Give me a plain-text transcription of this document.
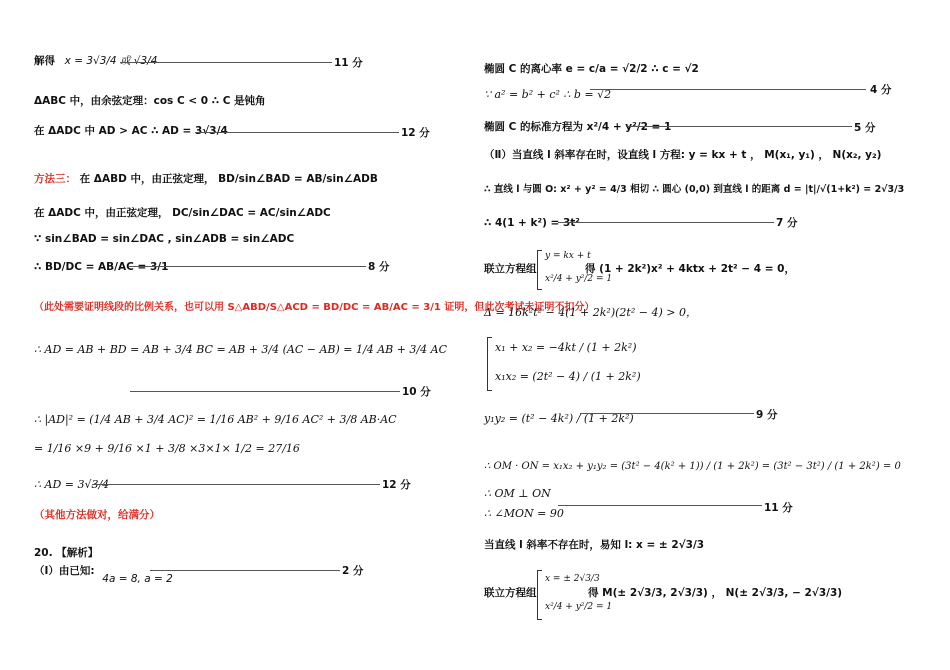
解得 x = 3√3/4 或 √3/4	11 分
ΔABC 中，由余弦定理：cos C < 0 ∴ C 是钝角
在 ΔADC 中 AD > AC ∴ AD = 3√3/4	12 分
方法三： 在 ΔABD 中，由正弦定理， BD/sin∠BAD = AB/sin∠ADB
在 ΔADC 中，由正弦定理， DC/sin∠DAC = AC/sin∠ADC
∵ sin∠BAD = sin∠DAC , sin∠ADB = sin∠ADC
∴ BD/DC = AB/AC = 3/1	8 分
（此处需要证明线段的比例关系，也可以用 S△ABD/S△ACD = BD/DC = AB/AC = 3/1 证明，但此次考试未证明不扣分）
∴ AD = AB + BD = AB + 3/4 BC = AB + 3/4 (AC − AB) = 1/4 AB + 3/4 AC
10 分
∴ |AD|² = (1/4 AB + 3/4 AC)² = 1/16 AB² + 9/16 AC² + 3/8 AB·AC
= 1/16 ×9 + 9/16 ×1 + 3/8 ×3×1× 1/2 = 27/16
∴ AD = 3√3/4	12 分
（其他方法做对，给满分）
20. 【解析】
（Ⅰ）由已知: 4a = 8, a = 2
2 分
椭圆 C 的离心率 e = c/a = √2/2 ∴ c = √2
∵ a² = b² + c² ∴ b = √2	4 分
椭圆 C 的标准方程为 x²/4 + y²/2 = 1	5 分
（Ⅱ）当直线 l 斜率存在时，设直线 l 方程: y = kx + t ， M(x₁, y₁) ， N(x₂, y₂)
∴ 直线 l 与圆 O: x² + y² = 4/3 相切 ∴ 圆心 (0,0) 到直线 l 的距离 d = |t|/√(1+k²) = 2√3/3
∴ 4(1 + k²) = 3t²	7 分
联立方程组
y = kx + t
x²/4 + y²/2 = 1
得 (1 + 2k²)x² + 4ktx + 2t² − 4 = 0，
Δ = 16k²t² − 4(1 + 2k²)(2t² − 4) > 0，
x₁ + x₂ = −4kt / (1 + 2k²)
x₁x₂ = (2t² − 4) / (1 + 2k²)
y₁y₂ = (t² − 4k²) / (1 + 2k²)	9 分
∴ OM · ON = x₁x₂ + y₁y₂ = (3t² − 4(k² + 1)) / (1 + 2k²) = (3t² − 3t²) / (1 + 2k²) = 0
∴ OM ⊥ ON
∴ ∠MON = 90	11 分
当直线 l 斜率不存在时，易知 l: x = ± 2√3/3
联立方程组
x = ± 2√3/3
x²/4 + y²/2 = 1
得 M(± 2√3/3, 2√3/3) ， N(± 2√3/3, − 2√3/3)
